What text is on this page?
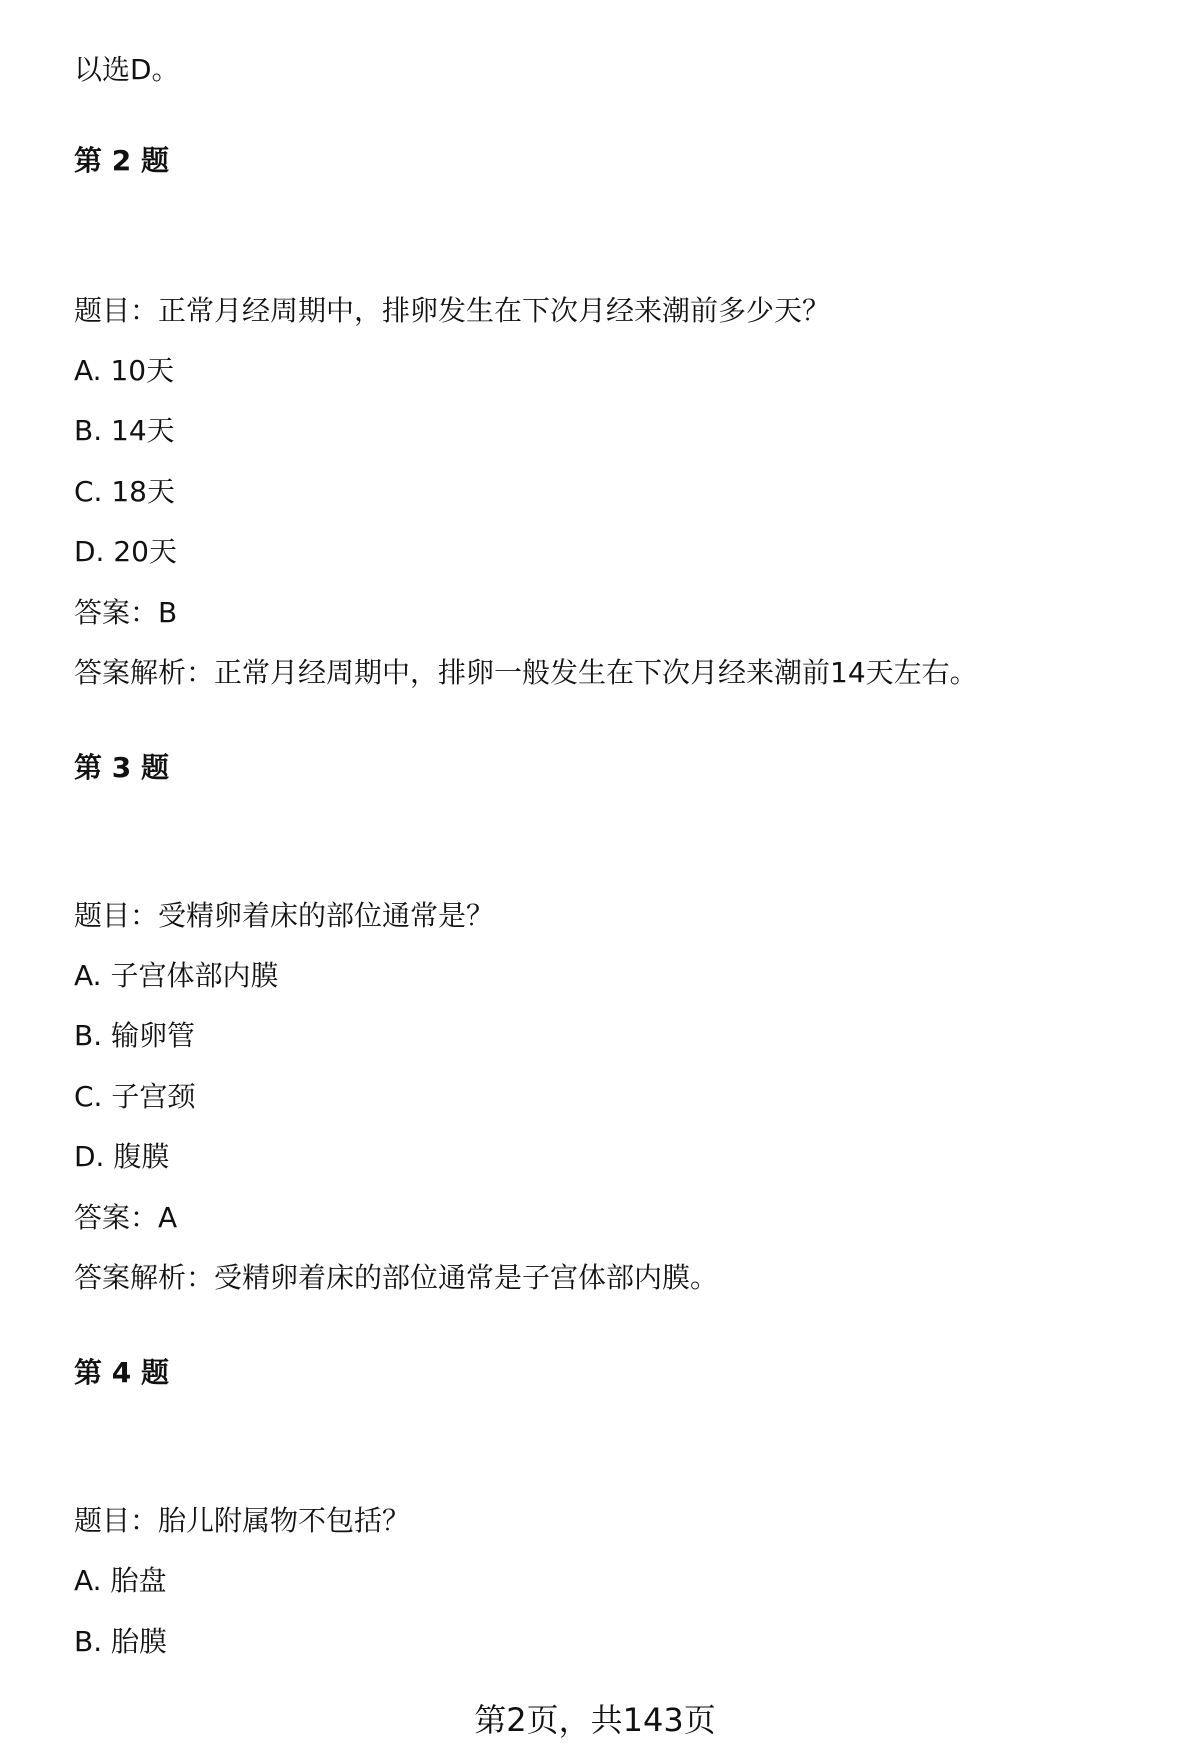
以选D。

第 2 题

题目：正常月经周期中，排卵发生在下次月经来潮前多少天？

A. 10天

B. 14天

C. 18天

D. 20天

答案：B

答案解析：正常月经周期中，排卵一般发生在下次月经来潮前14天左右。

第 3 题

题目：受精卵着床的部位通常是？

A. 子宫体部内膜

B. 输卵管

C. 子宫颈

D. 腹膜

答案：A

答案解析：受精卵着床的部位通常是子宫体部内膜。

第 4 题

题目：胎儿附属物不包括？

A. 胎盘

B. 胎膜

第2页，共143页
